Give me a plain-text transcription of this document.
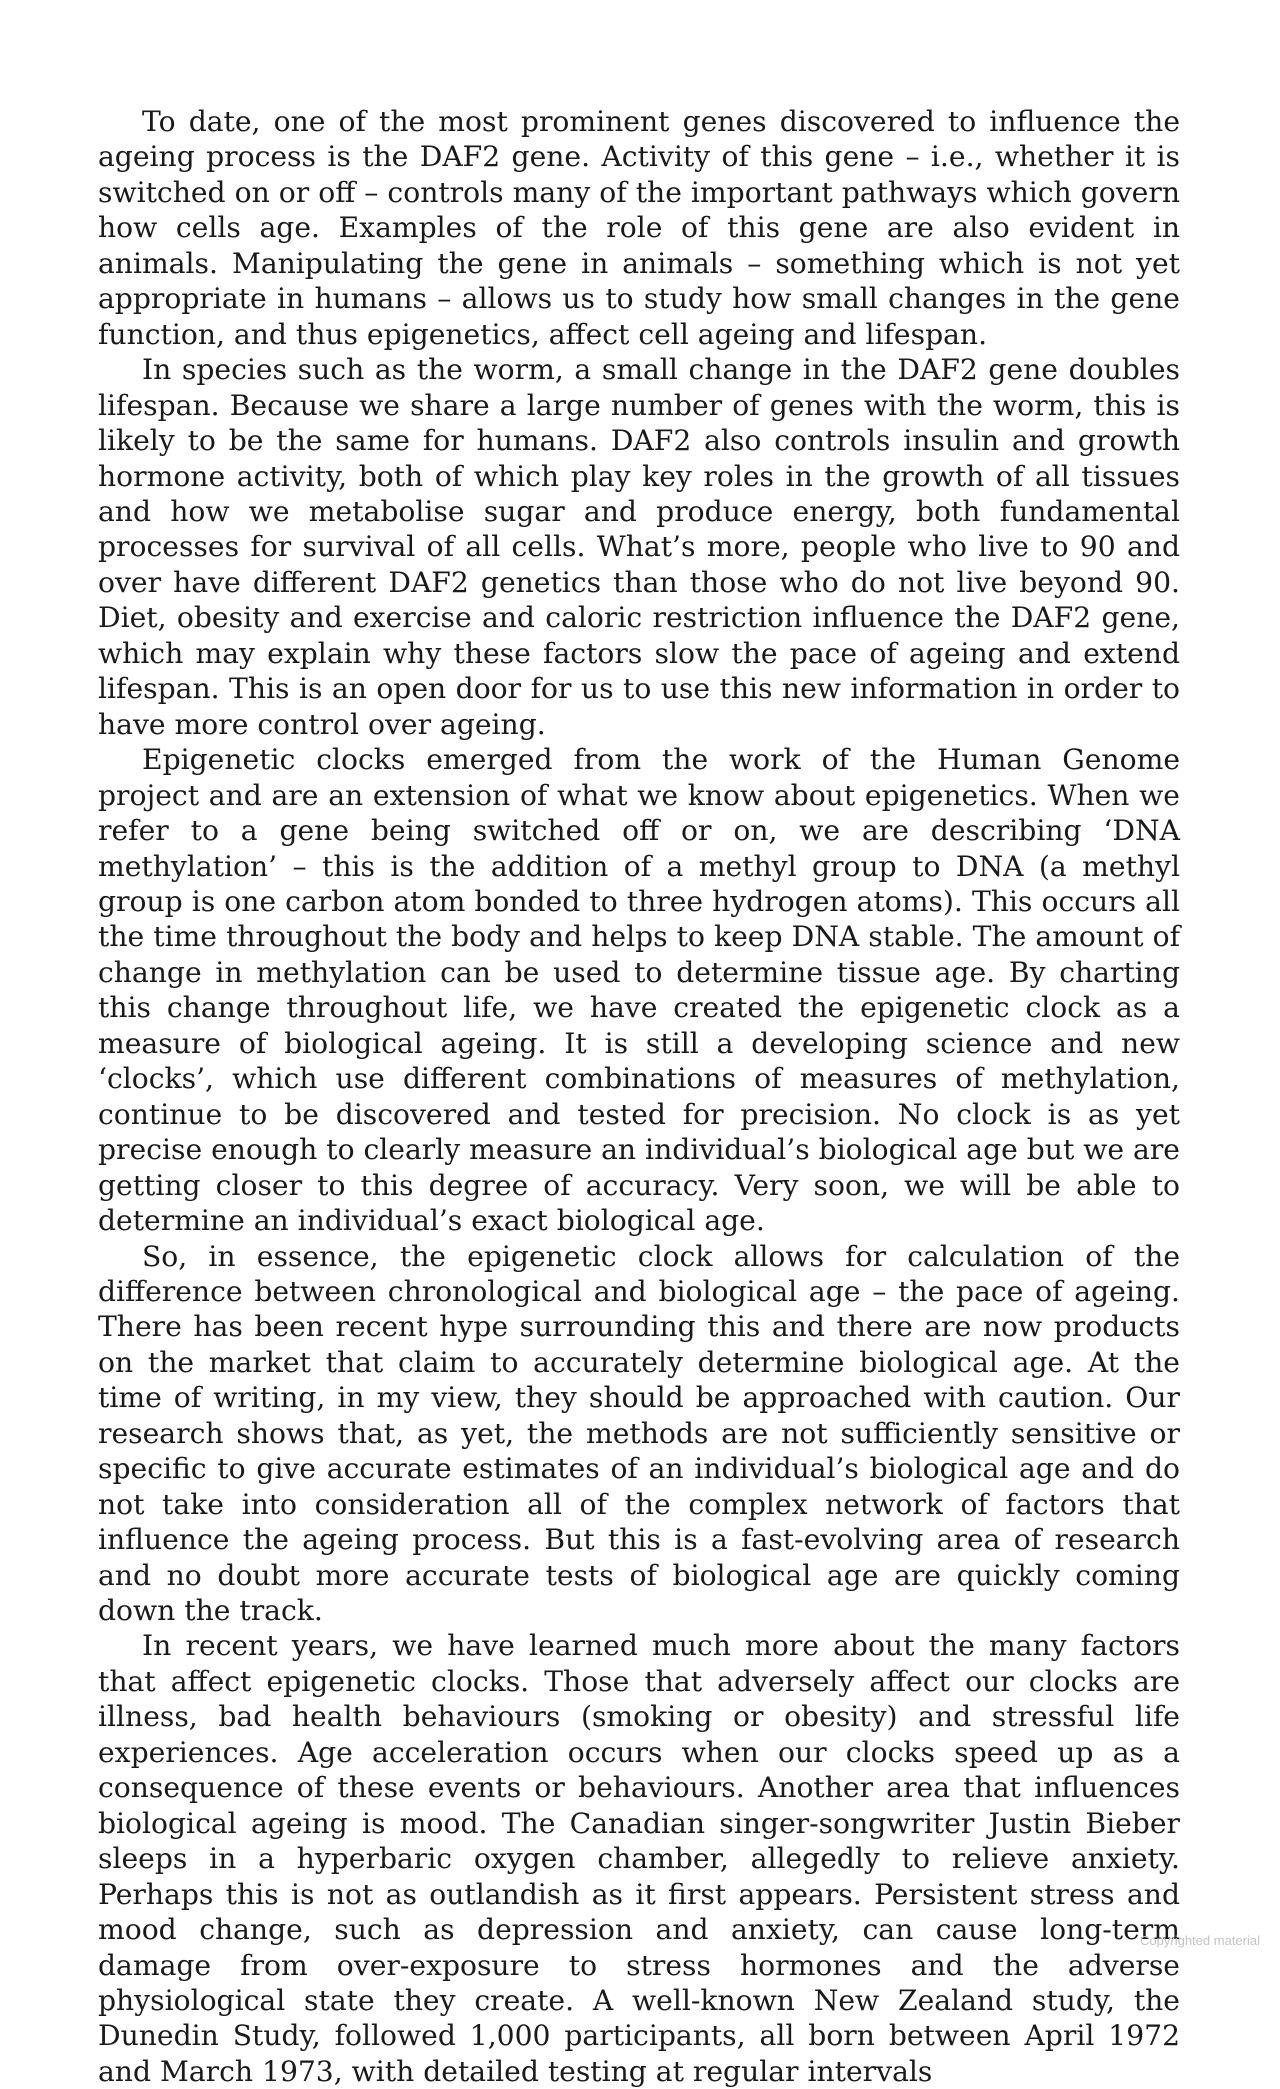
To date, one of the most prominent genes discovered to influence the ageing process is the DAF2 gene. Activity of this gene – i.e., whether it is switched on or off – controls many of the important pathways which govern how cells age. Examples of the role of this gene are also evident in animals. Manipulating the gene in animals – something which is not yet appropriate in humans – allows us to study how small changes in the gene function, and thus epigenetics, affect cell ageing and lifespan.

In species such as the worm, a small change in the DAF2 gene doubles lifespan. Because we share a large number of genes with the worm, this is likely to be the same for humans. DAF2 also controls insulin and growth hormone activity, both of which play key roles in the growth of all tissues and how we metabolise sugar and produce energy, both fundamental processes for survival of all cells. What’s more, people who live to 90 and over have different DAF2 genetics than those who do not live beyond 90. Diet, obesity and exercise and caloric restriction influence the DAF2 gene, which may explain why these factors slow the pace of ageing and extend lifespan. This is an open door for us to use this new information in order to have more control over ageing.

Epigenetic clocks emerged from the work of the Human Genome project and are an extension of what we know about epigenetics. When we refer to a gene being switched off or on, we are describing ‘DNA methylation’ – this is the addition of a methyl group to DNA (a methyl group is one carbon atom bonded to three hydrogen atoms). This occurs all the time throughout the body and helps to keep DNA stable. The amount of change in methylation can be used to determine tissue age. By charting this change throughout life, we have created the epigenetic clock as a measure of biological ageing. It is still a developing science and new ‘clocks’, which use different combinations of measures of methylation, continue to be discovered and tested for precision. No clock is as yet precise enough to clearly measure an individual’s biological age but we are getting closer to this degree of accuracy. Very soon, we will be able to determine an individual’s exact biological age.

So, in essence, the epigenetic clock allows for calculation of the difference between chronological and biological age – the pace of ageing. There has been recent hype surrounding this and there are now products on the market that claim to accurately determine biological age. At the time of writing, in my view, they should be approached with caution. Our research shows that, as yet, the methods are not sufficiently sensitive or specific to give accurate estimates of an individual’s biological age and do not take into consideration all of the complex network of factors that influence the ageing process. But this is a fast-evolving area of research and no doubt more accurate tests of biological age are quickly coming down the track.

In recent years, we have learned much more about the many factors that affect epigenetic clocks. Those that adversely affect our clocks are illness, bad health behaviours (smoking or obesity) and stressful life experiences. Age acceleration occurs when our clocks speed up as a consequence of these events or behaviours. Another area that influences biological ageing is mood. The Canadian singer-songwriter Justin Bieber sleeps in a hyperbaric oxygen chamber, allegedly to relieve anxiety. Perhaps this is not as outlandish as it first appears. Persistent stress and mood change, such as depression and anxiety, can cause long-term damage from over-exposure to stress hormones and the adverse physiological state they create. A well-known New Zealand study, the Dunedin Study, followed 1,000 participants, all born between April 1972 and March 1973, with detailed testing at regular intervals

Copyrighted material
